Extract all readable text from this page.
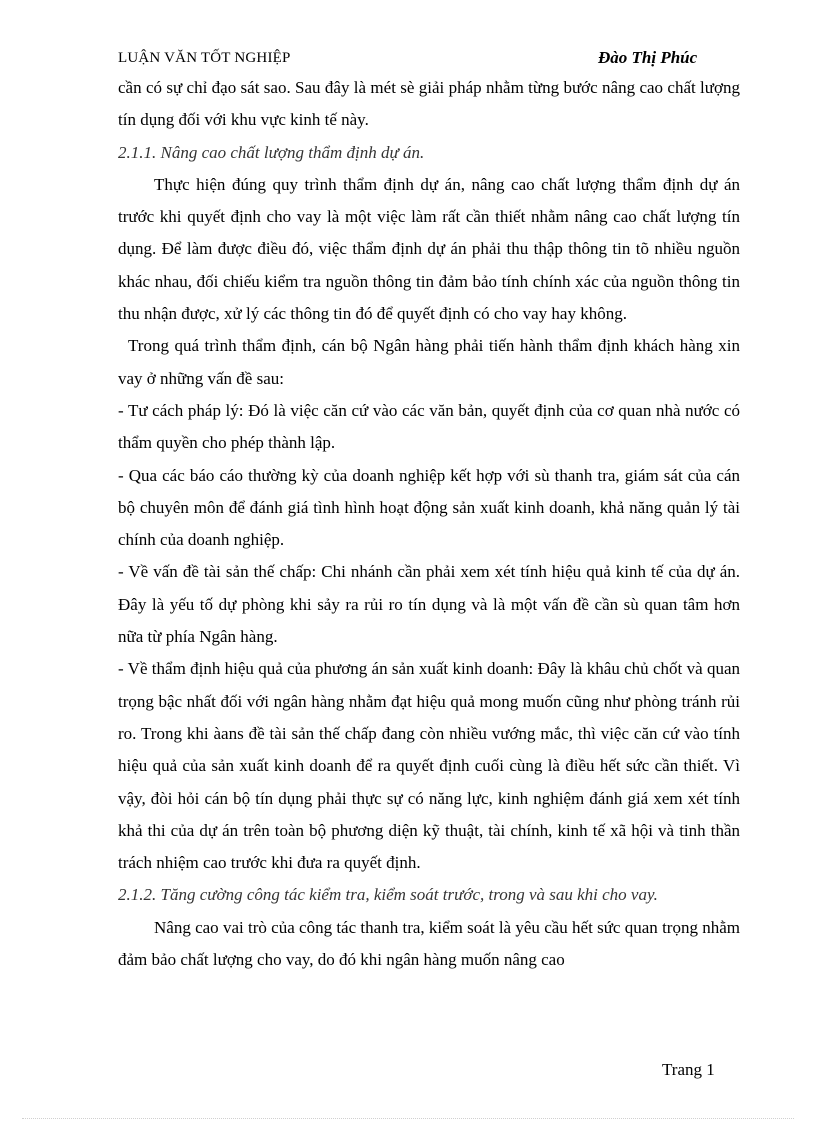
LUẬN VĂN TỐT NGHIỆP	Đào Thị Phúc

cần có sự chỉ đạo sát sao. Sau đây là mét sè giải pháp nhằm từng bước nâng cao chất lượng tín dụng đối với khu vực kinh tế này.

2.1.1. Nâng cao chất lượng thẩm định dự án.

Thực hiện đúng quy trình thẩm định dự án, nâng cao chất lượng thẩm định dự án trước khi quyết định cho vay là một việc làm rất cần thiết nhằm nâng cao chất lượng tín dụng. Để làm được điều đó, việc thẩm định dự án phải thu thập thông tin tõ nhiều nguồn khác nhau, đối chiếu kiểm tra nguồn thông tin đảm bảo tính chính xác của nguồn thông tin thu nhận được, xử lý các thông tin đó để quyết định có cho vay hay không.

Trong quá trình thẩm định, cán bộ Ngân hàng phải tiến hành thẩm định khách hàng xin vay ở những vấn đề sau:

- Tư cách pháp lý: Đó là việc căn cứ vào các văn bản, quyết định của cơ quan nhà nước có thẩm quyền cho phép thành lập.

- Qua các báo cáo thường kỳ của doanh nghiệp kết hợp với sù thanh tra, giám sát của cán bộ chuyên môn để đánh giá tình hình hoạt động sản xuất kinh doanh, khả năng quản lý tài chính của doanh nghiệp.

- Về vấn đề tài sản thế chấp: Chi nhánh cần phải xem xét tính hiệu quả kinh tế của dự án. Đây là yếu tố dự phòng khi sảy ra rủi ro tín dụng và là một vấn đề cần sù quan tâm hơn nữa từ phía Ngân hàng.

- Về thẩm định hiệu quả của phương án sản xuất kinh doanh: Đây là khâu chủ chốt và quan trọng bậc nhất đối với ngân hàng nhằm đạt hiệu quả mong muốn cũng như phòng tránh rủi ro. Trong khi àans đề tài sản thế chấp đang còn nhiều vướng mắc, thì việc căn cứ vào tính hiệu quả của sản xuất kinh doanh để ra quyết định cuối cùng là điều hết sức cần thiết. Vì vậy, đòi hỏi cán bộ tín dụng phải thực sự có năng lực, kinh nghiệm đánh giá xem xét tính khả thi của dự án trên toàn bộ phương diện kỹ thuật, tài chính, kinh tế xã hội và tinh thần trách nhiệm cao trước khi đưa ra quyết định.

2.1.2. Tăng cường công tác kiểm tra, kiểm soát trước, trong và sau khi cho vay.

Nâng cao vai trò của công tác thanh tra, kiểm soát là yêu cầu hết sức quan trọng nhằm đảm bảo chất lượng cho vay, do đó khi ngân hàng muốn nâng cao

Trang 1
